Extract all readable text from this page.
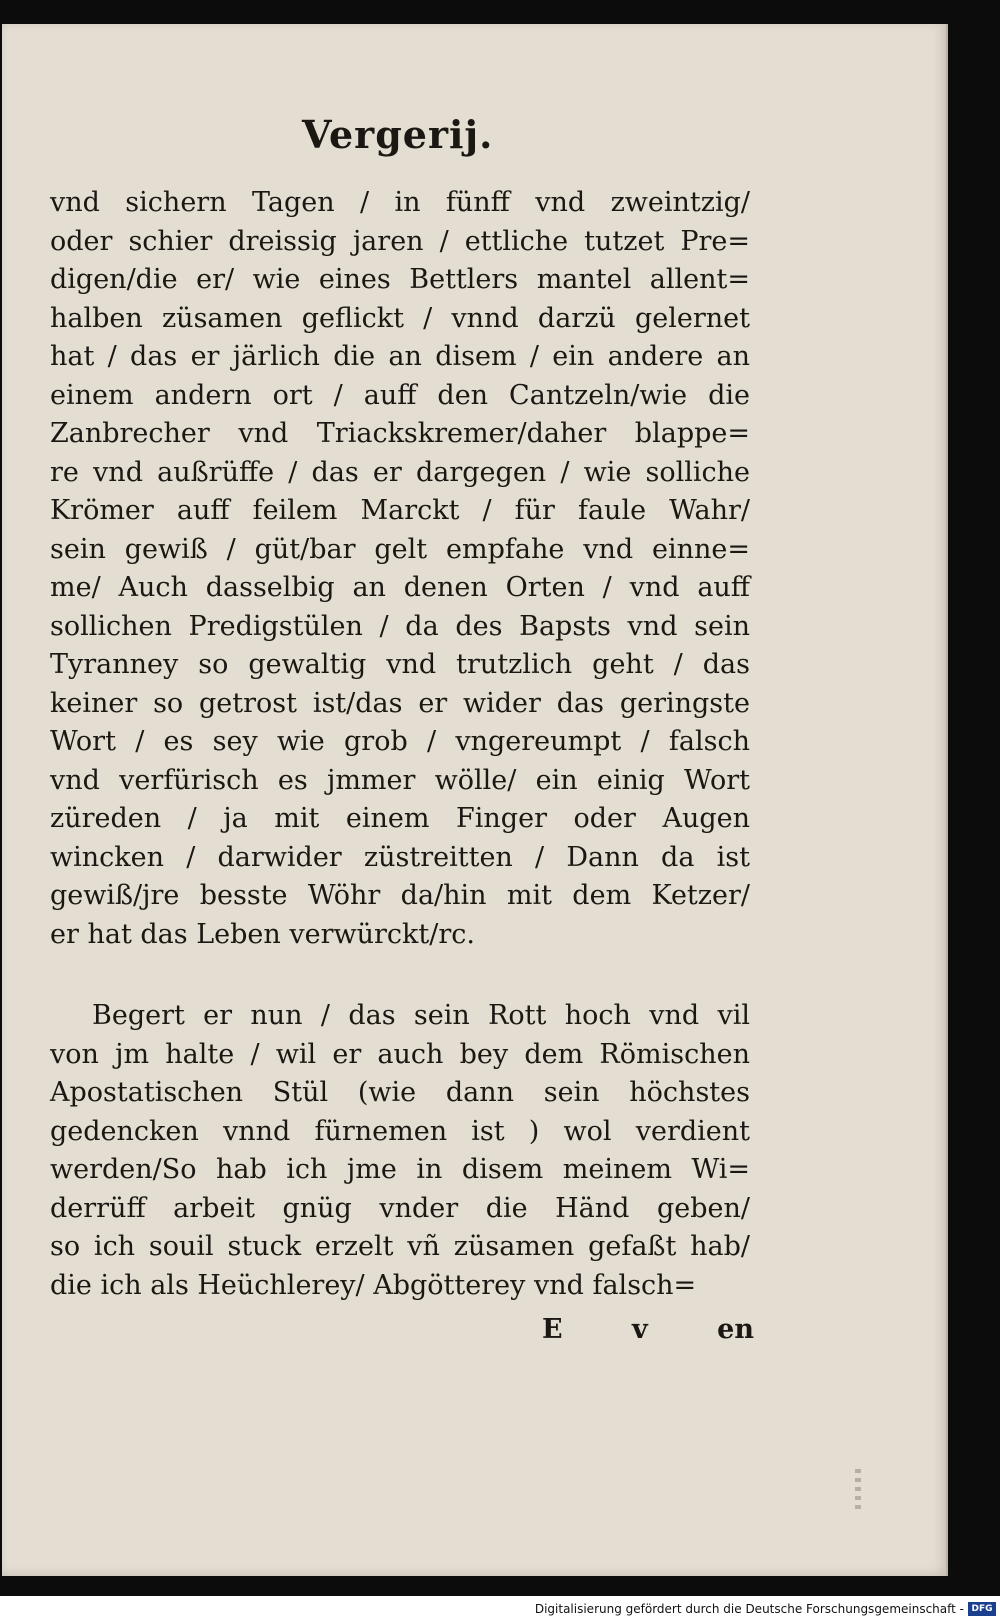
Vergerij.
vnd sichern Tagen / in fünff vnd zweintzig/
oder schier dreissig jaren / ettliche tutzet Pre=
digen/die er/ wie eines Bettlers mantel allent=
halben züsamen geflickt / vnnd darzü gelernet
hat / das er järlich die an disem / ein andere an
einem andern ort / auff den Cantzeln/wie die
Zanbrecher vnd Triackskremer/daher blappe=
re vnd außrüffe / das er dargegen / wie solliche
Krömer auff feilem Marckt / für faule Wahr/
sein gewiß / güt/bar gelt empfahe vnd einne=
me/ Auch dasselbig an denen Orten / vnd auff
sollichen Predigstülen / da des Bapsts vnd sein
Tyranney so gewaltig vnd trutzlich geht / das
keiner so getrost ist/das er wider das geringste
Wort / es sey wie grob / vngereumpt / falsch
vnd verfürisch es jmmer wölle/ ein einig Wort
züreden / ja mit einem Finger oder Augen
wincken / darwider züstreitten / Dann da ist
gewiß/jre besste Wöhr da/hin mit dem Ketzer/
er hat das Leben verwürckt/rc.
Begert er nun / das sein Rott hoch vnd vil
von jm halte / wil er auch bey dem Römischen
Apostatischen Stül (wie dann sein höchstes
gedencken vnnd fürnemen ist ) wol verdient
werden/So hab ich jme in disem meinem Wi=
derrüff arbeit gnüg vnder die Händ geben/
so ich souil stuck erzelt vñ züsamen gefaßt hab/
die ich als Heüchlerey/ Abgötterey vnd falsch=
E	v	en
Digitalisierung gefördert durch die Deutsche Forschungsgemeinschaft - DFG
